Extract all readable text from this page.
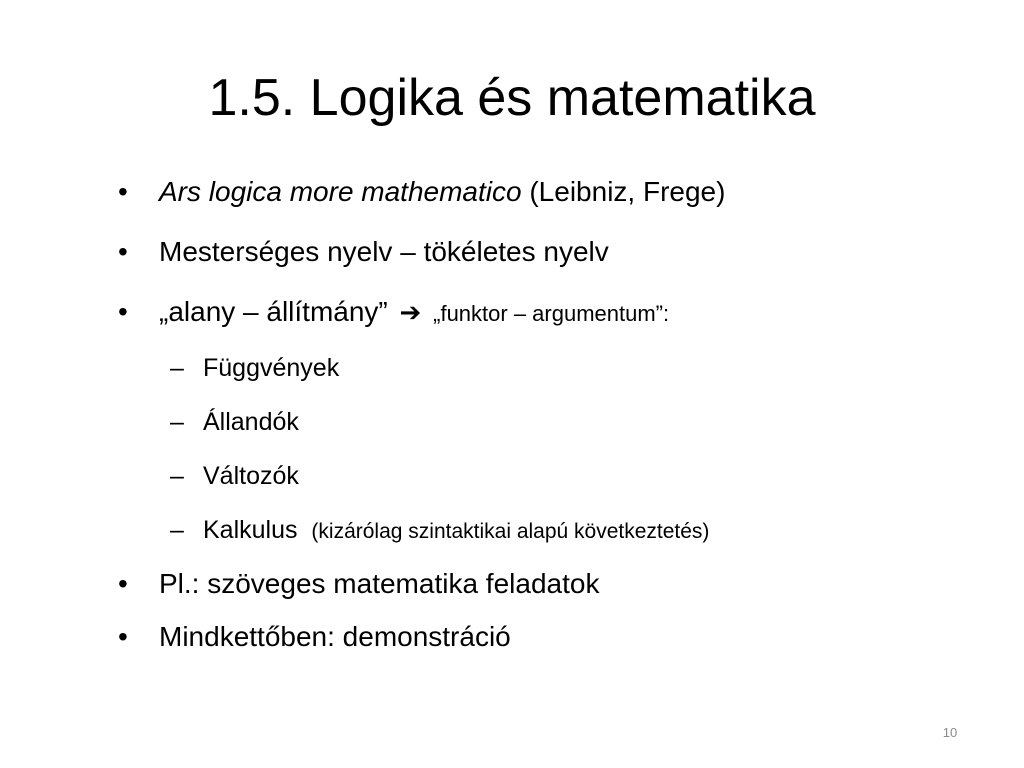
1.5. Logika és matematika
•	Ars logica more mathematico (Leibniz, Frege)
•	Mesterséges nyelv – tökéletes nyelv
•	„alany – állítmány” ➔ „funktor – argumentum”:
– Függvények
– Állandók
– Változók
– Kalkulus (kizárólag szintaktikai alapú következtetés)
•	Pl.: szöveges matematika feladatok
•	Mindkettőben: demonstráció
10
